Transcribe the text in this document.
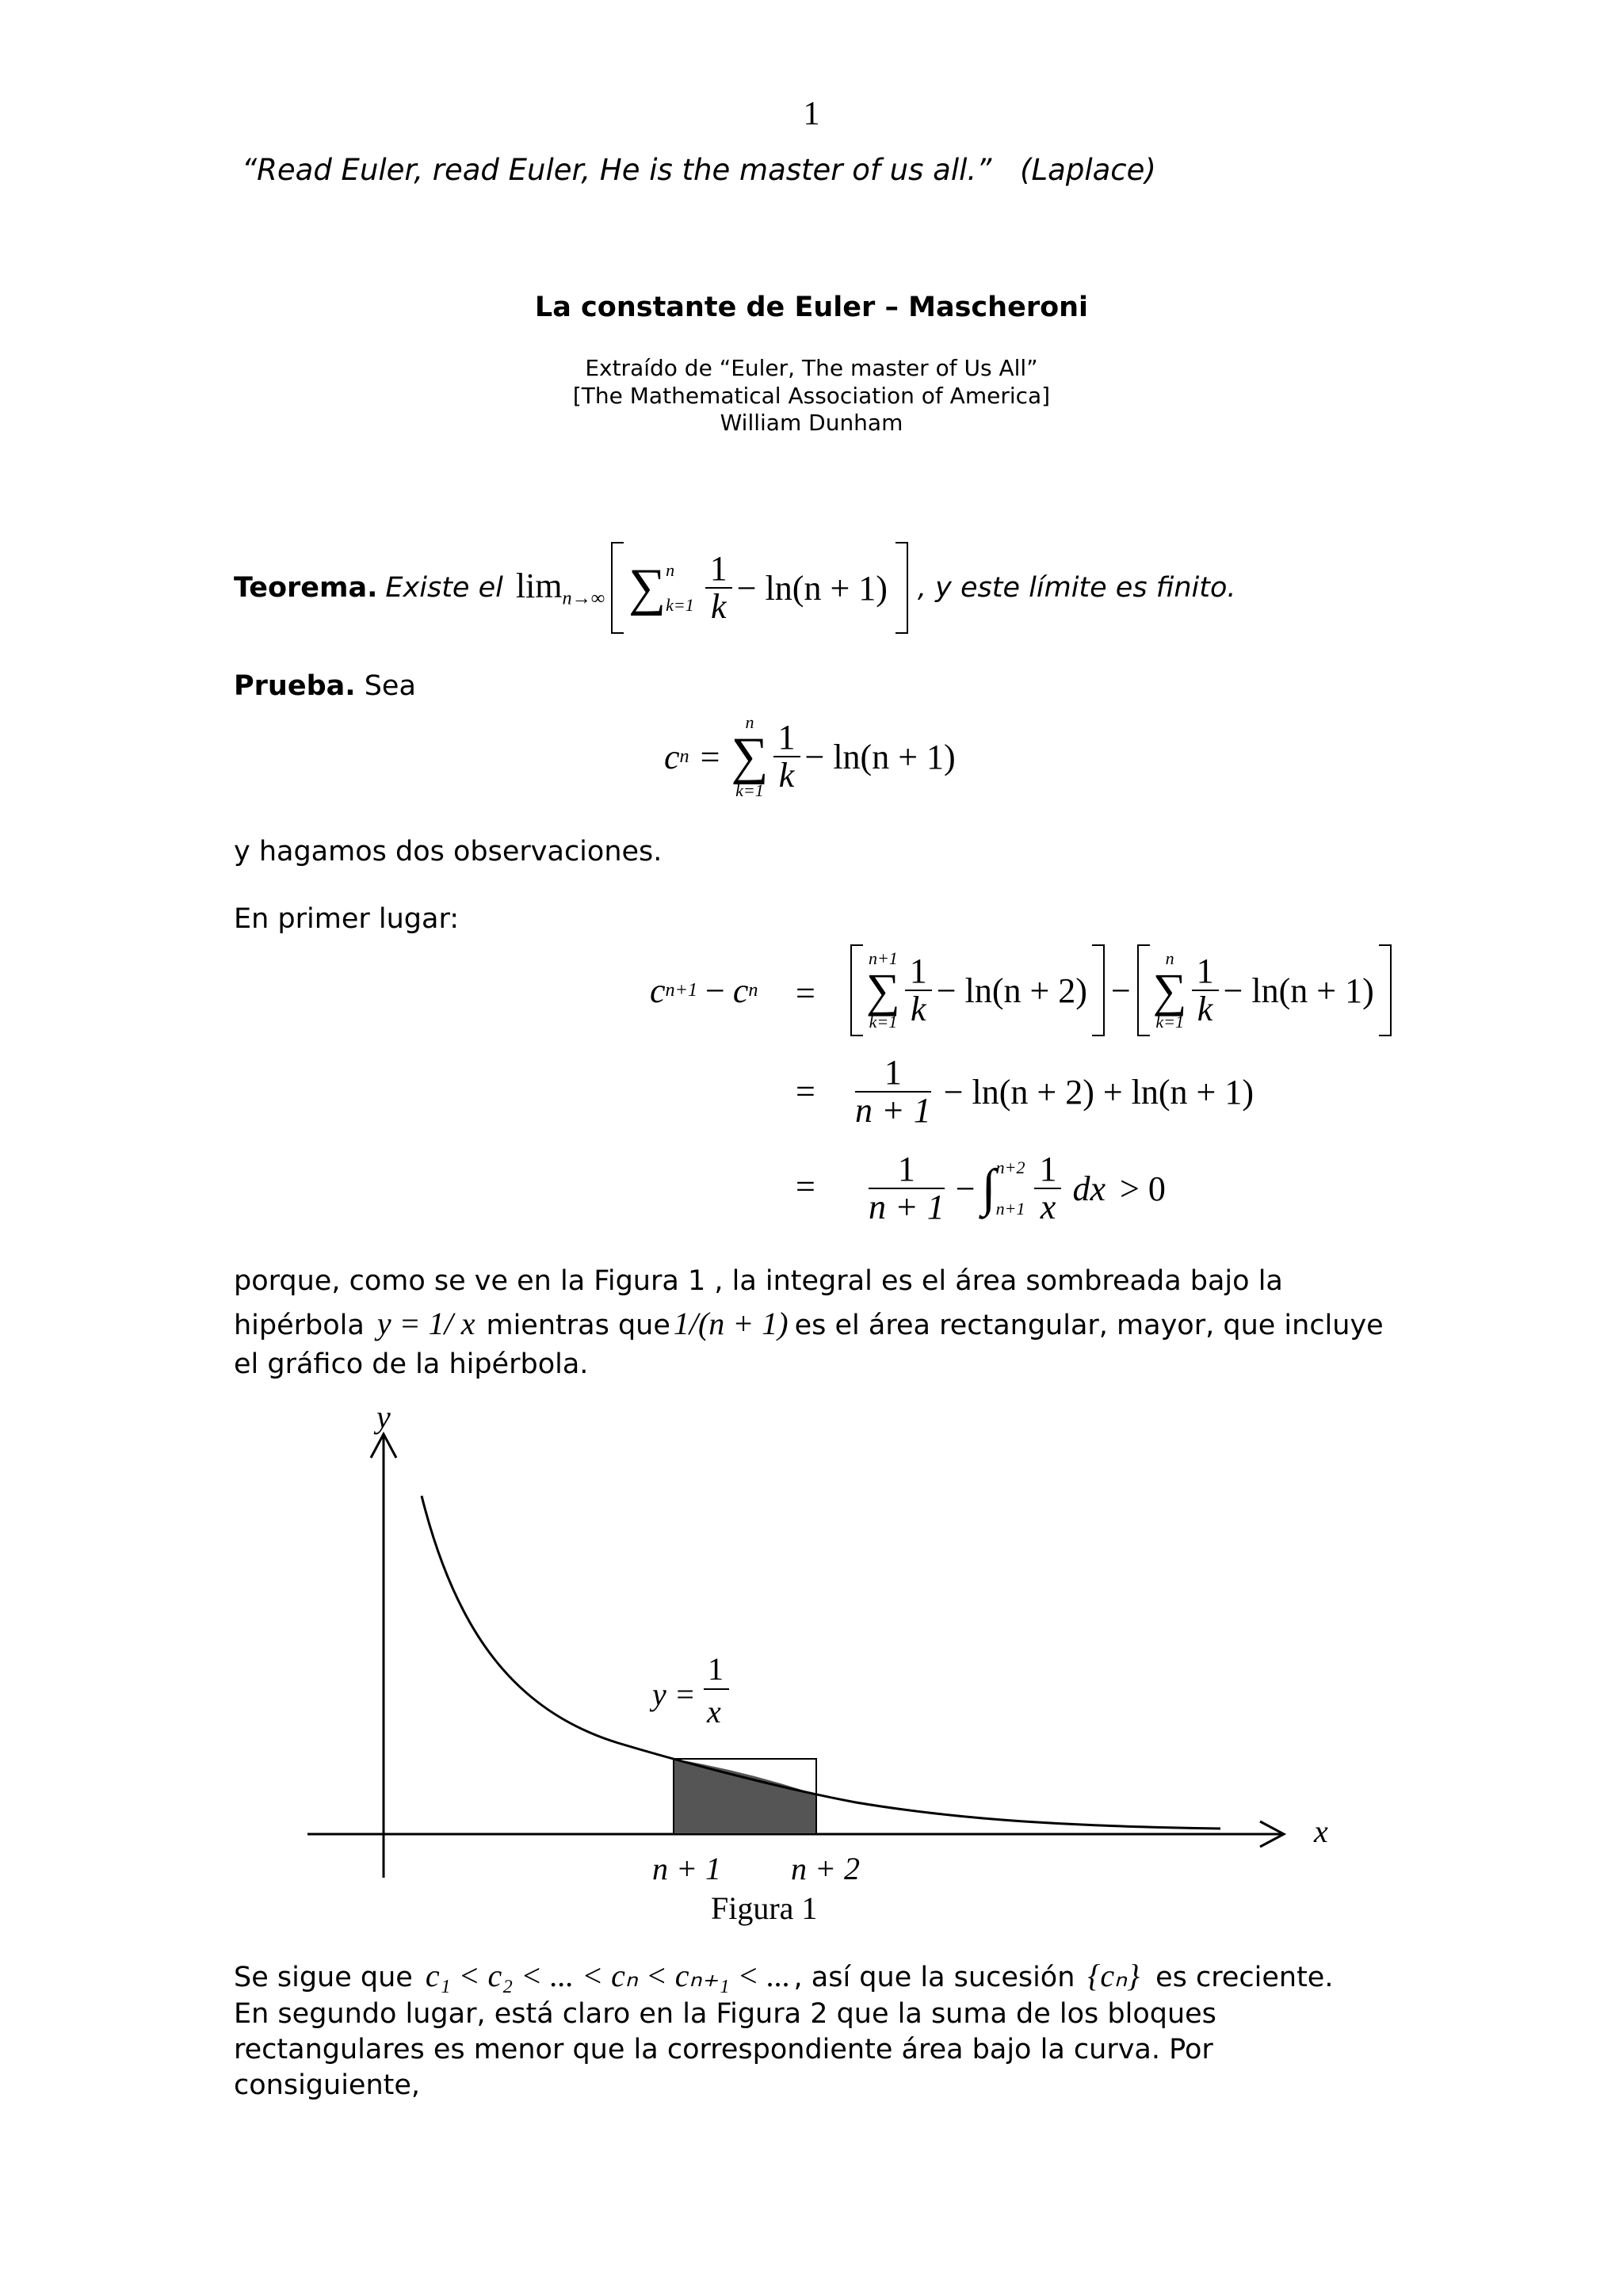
1
“Read Euler, read Euler, He is the master of us all.” (Laplace)
La constante de Euler – Mascheroni
Extraído de “Euler, The master of Us All”
[The Mathematical Association of America]
William Dunham
Teorema. Existe el $\lim_{n\to\infty}$ ∑ n
$k=1 \frac{1}{k} - \ln(n + 1)$ , y este límite es finito.
Prueba. Sea
c n =
n
∑
$k=1 \frac{1}{k} - \ln(n + 1)$
y hagamos dos observaciones.
En primer lugar:
c n+1 − c n =
n+1
∑
$k=1 \frac{1}{k} - \ln(n + 2)$ −
n
∑
$k=1 \frac{1}{k} - \ln(n + 1)$
= $\frac{1}{n + 1} - \ln(n + 2) + \ln(n + 1)$
= $\frac{1}{n + 1}$ − ∫ n+2
$n+1 \frac{1}{x}$ dx > 0
porque, como se ve en la Figura 1 , la integral es el área sombreada bajo la
hipérbola y = 1/ x mientras que 1/(n + 1) es el área rectangular, mayor, que incluye
el gráfico de la hipérbola.
y
x
y =
1
x
n + 1 n + 2
Figura 1
Se sigue que c₁ < c₂ < ... < cₙ < cₙ₊₁ < ... , así que la sucesión {cₙ} es creciente.
En segundo lugar, está claro en la Figura 2 que la suma de los bloques
rectangulares es menor que la correspondiente área bajo la curva. Por
consiguiente,
